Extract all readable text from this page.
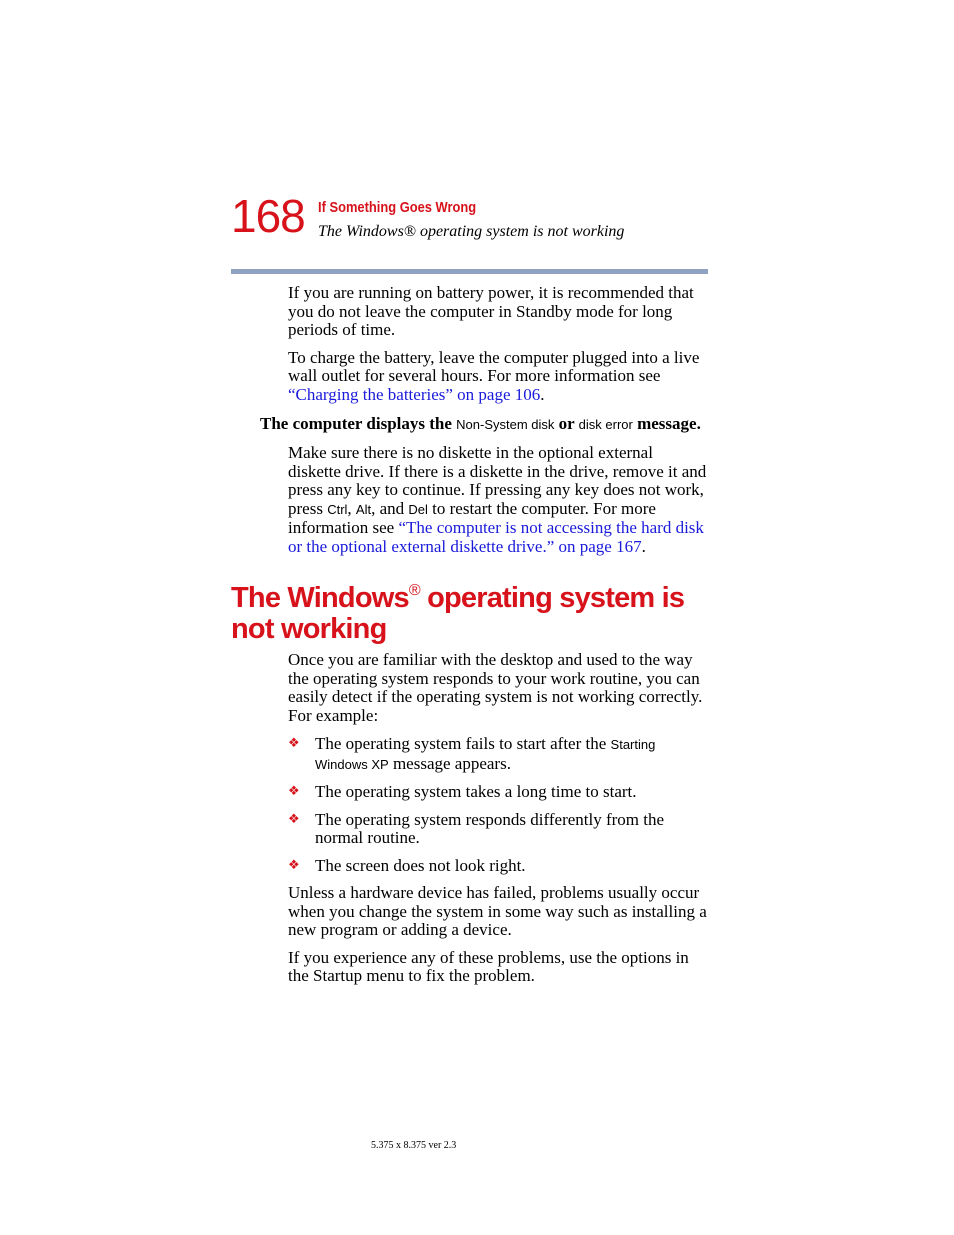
168 If Something Goes Wrong
The Windows® operating system is not working

If you are running on battery power, it is recommended that you do not leave the computer in Standby mode for long periods of time.

To charge the battery, leave the computer plugged into a live wall outlet for several hours. For more information see “Charging the batteries” on page 106.

The computer displays the Non-System disk or disk error message.

Make sure there is no diskette in the optional external diskette drive. If there is a diskette in the drive, remove it and press any key to continue. If pressing any key does not work, press Ctrl, Alt, and Del to restart the computer. For more information see “The computer is not accessing the hard disk or the optional external diskette drive.” on page 167.

The Windows® operating system is not working

Once you are familiar with the desktop and used to the way the operating system responds to your work routine, you can easily detect if the operating system is not working correctly. For example:

❖ The operating system fails to start after the Starting Windows XP message appears.
❖ The operating system takes a long time to start.
❖ The operating system responds differently from the normal routine.
❖ The screen does not look right.

Unless a hardware device has failed, problems usually occur when you change the system in some way such as installing a new program or adding a device.

If you experience any of these problems, use the options in the Startup menu to fix the problem.

5.375 x 8.375 ver 2.3
